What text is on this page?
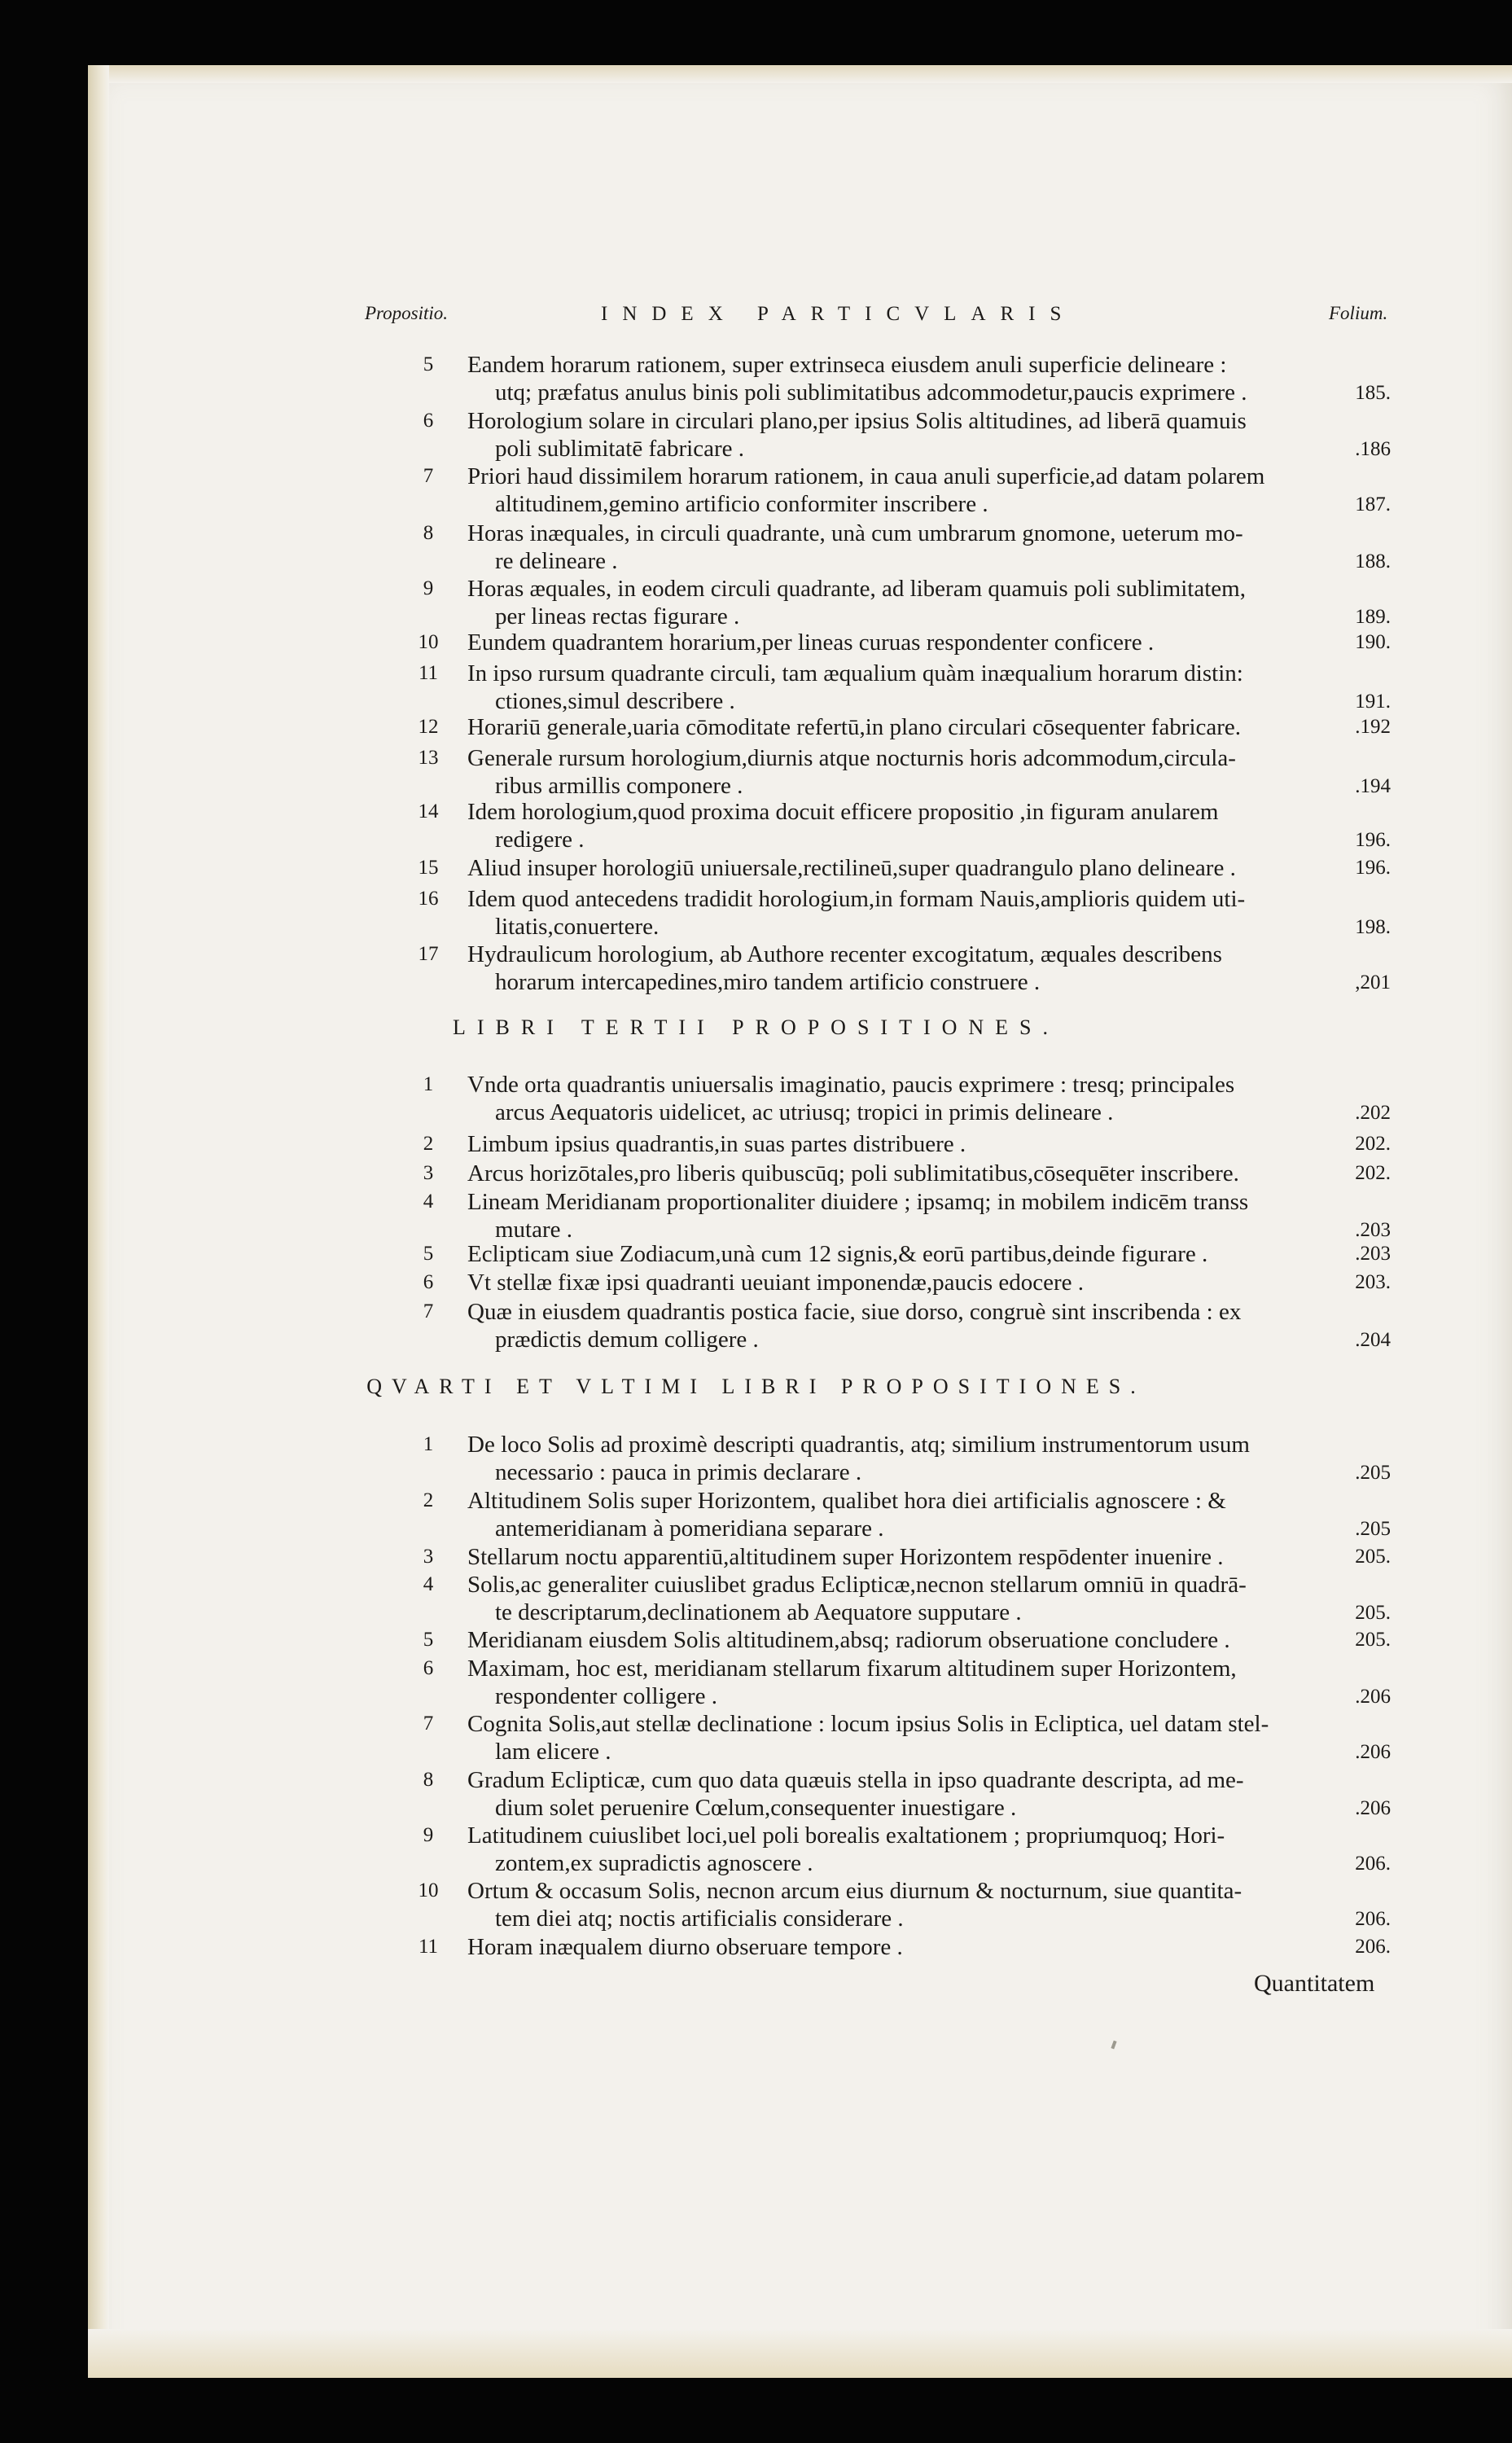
Propositio.	INDEX PARTICVLARIS	Folium.
5	Eandem horarum rationem, super extrinseca eiusdem anuli superficie delineare :
utq; præfatus anulus binis poli sublimitatibus adcommodetur,paucis exprimere .	185.
6	Horologium solare in circulari plano,per ipsius Solis altitudines, ad liberā quamuis
poli sublimitatē fabricare .	.186
7	Priori haud dissimilem horarum rationem, in caua anuli superficie,ad datam polarem
altitudinem,gemino artificio conformiter inscribere .	187.
8	Horas inæquales, in circuli quadrante, unà cum umbrarum gnomone, ueterum mo-
re delineare .	188.
9	Horas æquales, in eodem circuli quadrante, ad liberam quamuis poli sublimitatem,
per lineas rectas figurare .	189.
10	Eundem quadrantem horarium,per lineas curuas respondenter conficere .	190.
11	In ipso rursum quadrante circuli, tam æqualium quàm inæqualium horarum distin:
ctiones,simul describere .	191.
12	Horariū generale,uaria cōmoditate refertū,in plano circulari cōsequenter fabricare.	.192
13	Generale rursum horologium,diurnis atque nocturnis horis adcommodum,circula-
ribus armillis componere .	.194
14	Idem horologium,quod proxima docuit efficere propositio ,in figuram anularem
redigere .	196.
15	Aliud insuper horologiū uniuersale,rectilineū,super quadrangulo plano delineare .	196.
16	Idem quod antecedens tradidit horologium,in formam Nauis,amplioris quidem uti-
litatis,conuertere.	198.
17	Hydraulicum horologium, ab Authore recenter excogitatum, æquales describens
horarum intercapedines,miro tandem artificio construere .	,201
LIBRI TERTII PROPOSITIONES.
1	Vnde orta quadrantis uniuersalis imaginatio, paucis exprimere : tresq; principales
arcus Aequatoris uidelicet, ac utriusq; tropici in primis delineare .	.202
2	Limbum ipsius quadrantis,in suas partes distribuere .	202.
3	Arcus horizōtales,pro liberis quibuscūq; poli sublimitatibus,cōsequēter inscribere.	202.
4	Lineam Meridianam proportionaliter diuidere ; ipsamq; in mobilem indicēm transs
mutare .	.203
5	Eclipticam siue Zodiacum,unà cum 12 signis,& eorū partibus,deinde figurare .	.203
6	Vt stellæ fixæ ipsi quadranti ueuiant imponendæ,paucis edocere .	203.
7	Quæ in eiusdem quadrantis postica facie, siue dorso, congruè sint inscribenda : ex
prædictis demum colligere .	.204
QVARTI ET VLTIMI LIBRI PROPOSITIONES.
1	De loco Solis ad proximè descripti quadrantis, atq; similium instrumentorum usum
necessario : pauca in primis declarare .	.205
2	Altitudinem Solis super Horizontem, qualibet hora diei artificialis agnoscere : &
antemeridianam à pomeridiana separare .	.205
3	Stellarum noctu apparentiū,altitudinem super Horizontem respōdenter inuenire .	205.
4	Solis,ac generaliter cuiuslibet gradus Eclipticæ,necnon stellarum omniū in quadrā-
te descriptarum,declinationem ab Aequatore supputare .	205.
5	Meridianam eiusdem Solis altitudinem,absq; radiorum obseruatione concludere .	205.
6	Maximam, hoc est, meridianam stellarum fixarum altitudinem super Horizontem,
respondenter colligere .	.206
7	Cognita Solis,aut stellæ declinatione : locum ipsius Solis in Ecliptica, uel datam stel-
lam elicere .	.206
8	Gradum Eclipticæ, cum quo data quæuis stella in ipso quadrante descripta, ad me-
dium solet peruenire Cœlum,consequenter inuestigare .	.206
9	Latitudinem cuiuslibet loci,uel poli borealis exaltationem ; propriumquoq; Hori-
zontem,ex supradictis agnoscere .	206.
10	Ortum & occasum Solis, necnon arcum eius diurnum & nocturnum, siue quantita-
tem diei atq; noctis artificialis considerare .	206.
11	Horam inæqualem diurno obseruare tempore .	206.
Quantitatem
